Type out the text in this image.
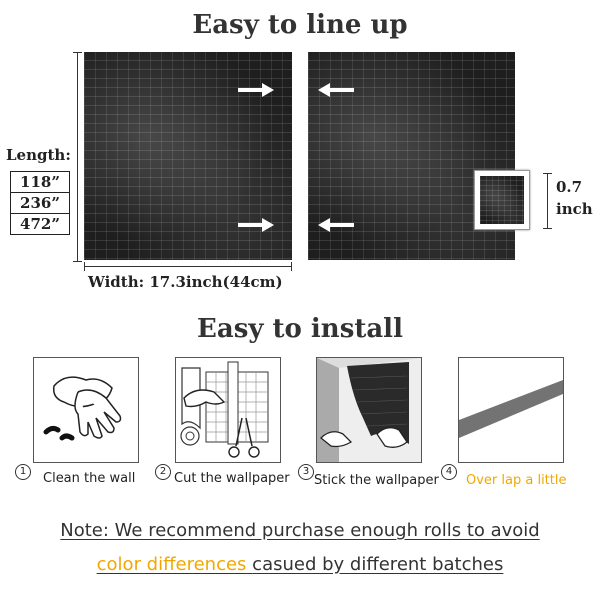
Easy to line up
Length:
118”
236”
472”
Width: 17.3inch(44cm)
0.7
inch
Easy to install
1	Clean the wall	2 Cut the wallpaper	3
Stick the wallpaper
4
Over lap a little
Note: We recommend purchase enough rolls to avoid
color differences casued by different batches
